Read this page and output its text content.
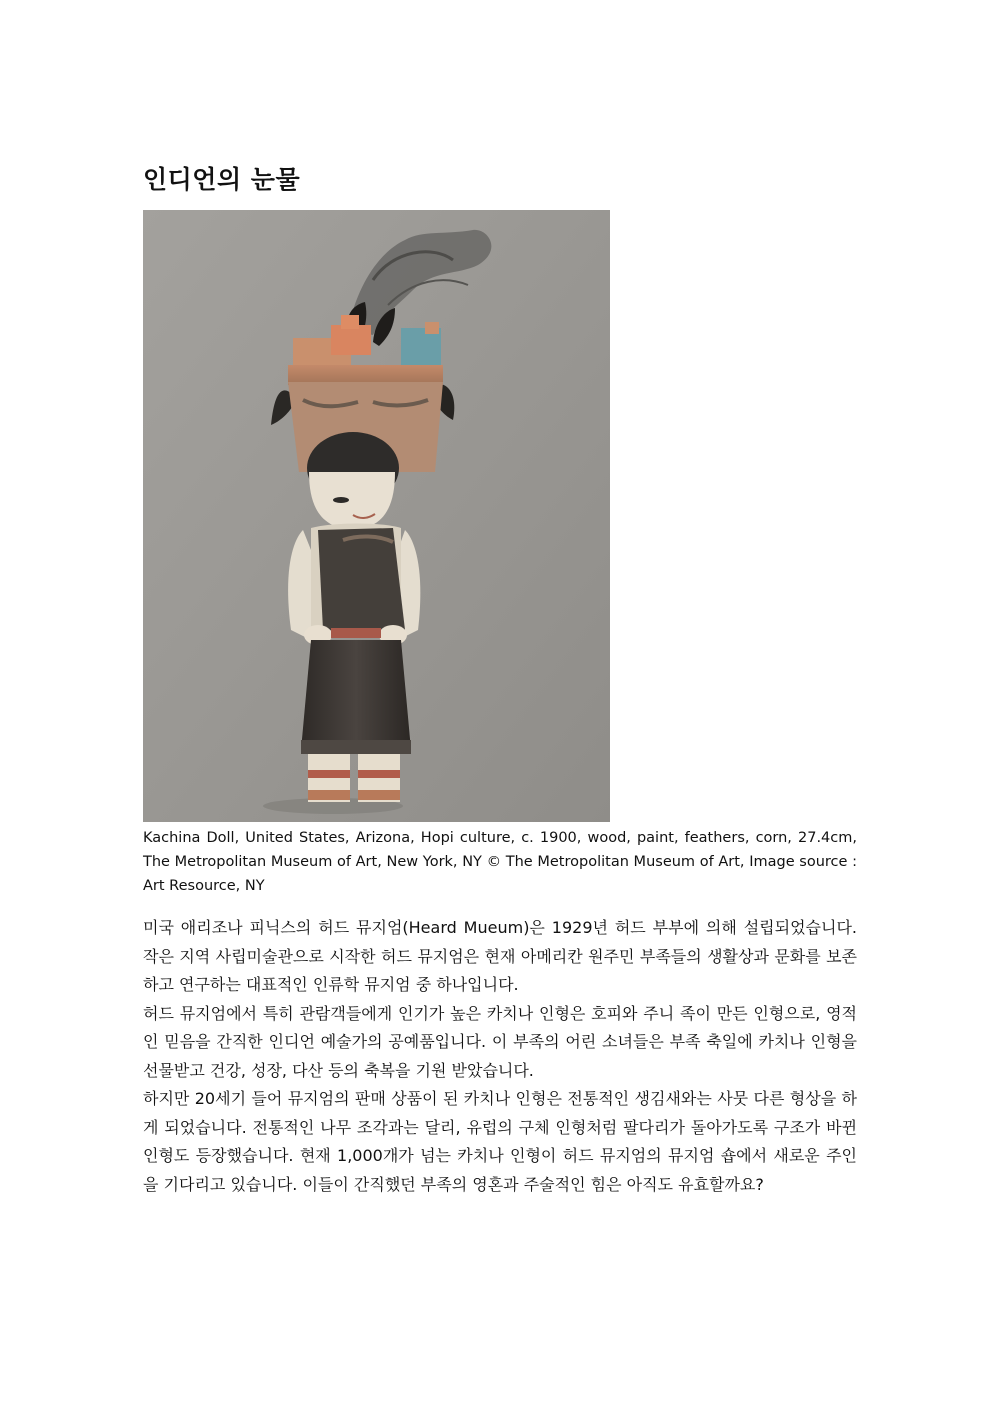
인디언의 눈물

Kachina Doll, United States, Arizona, Hopi culture, c. 1900, wood, paint, feathers, corn, 27.4cm, The Metropolitan Museum of Art, New York, NY © The Metropolitan Museum of Art, Image source : Art Resource, NY

미국 애리조나 피닉스의 허드 뮤지엄(Heard Mueum)은 1929년 허드 부부에 의해 설립되었습니다. 작은 지역 사립미술관으로 시작한 허드 뮤지엄은 현재 아메리칸 원주민 부족들의 생활상과 문화를 보존하고 연구하는 대표적인 인류학 뮤지엄 중 하나입니다.

허드 뮤지엄에서 특히 관람객들에게 인기가 높은 카치나 인형은 호피와 주니 족이 만든 인형으로, 영적인 믿음을 간직한 인디언 예술가의 공예품입니다. 이 부족의 어린 소녀들은 부족 축일에 카치나 인형을 선물받고 건강, 성장, 다산 등의 축복을 기원 받았습니다.

하지만 20세기 들어 뮤지엄의 판매 상품이 된 카치나 인형은 전통적인 생김새와는 사뭇 다른 형상을 하게 되었습니다. 전통적인 나무 조각과는 달리, 유럽의 구체 인형처럼 팔다리가 돌아가도록 구조가 바뀐 인형도 등장했습니다. 현재 1,000개가 넘는 카치나 인형이 허드 뮤지엄의 뮤지엄 숍에서 새로운 주인을 기다리고 있습니다. 이들이 간직했던 부족의 영혼과 주술적인 힘은 아직도 유효할까요?
